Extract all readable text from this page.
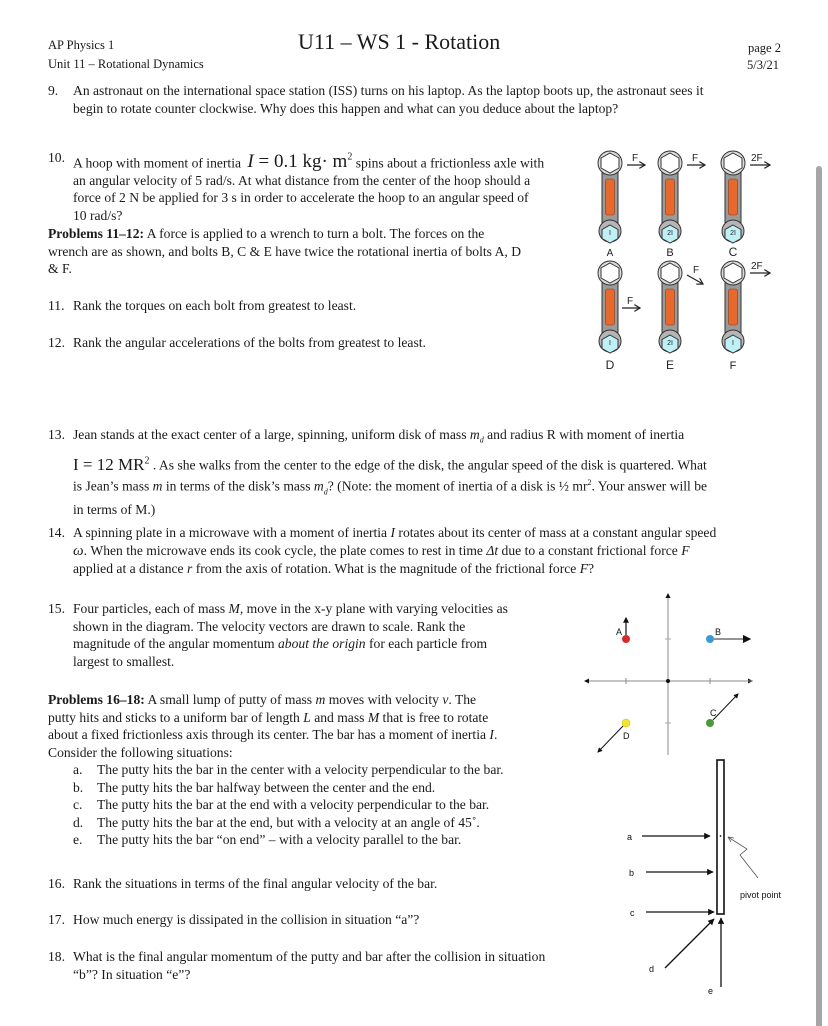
AP Physics 1
Unit 11 – Rotational Dynamics
U11 – WS 1 - Rotation	page 2
5/3/21
9. An astronaut on the international space station (ISS) turns on his laptop. As the laptop boots up, the astronaut sees it
begin to rotate counter clockwise. Why does this happen and what can you deduce about the laptop?
10. A hoop with moment of inertia I = 0.1 $kg\cdot m^2$ spins about a frictionless axle with
an angular velocity of 5 rad/s. At what distance from the center of the hoop should a
force of 2 N be applied for 3 s in order to accelerate the hoop to an angular speed of
10 rad/s?
Problems 11–12: A force is applied to a wrench to turn a bolt. The forces on the
wrench are as shown, and bolts B, C & E have twice the rotational inertia of bolts A, D
& F.
11. Rank the torques on each bolt from greatest to least.
12. Rank the angular accelerations of the bolts from greatest to least.
I
F
A
2I
F
B
2I
2F
C
I
F
D
2I
F
E
I
2F
F
13. Jean stands at the exact center of a large, spinning, uniform disk of mass $m_d$ and radius R with moment of inertia
I = 12 $MR^2$ . As she walks from the center to the edge of the disk, the angular speed of the disk is quartered. What
is Jean’s mass m in terms of the disk’s mass $m_d$? (Note: the moment of inertia of a disk is ½ $mr^2$. Your answer will be
in terms of M.)
14. A spinning plate in a microwave with a moment of inertia I rotates about its center of mass at a constant angular speed
ω. When the microwave ends its cook cycle, the plate comes to rest in time Δt due to a constant frictional force F
applied at a distance r from the axis of rotation. What is the magnitude of the frictional force F?
15. Four particles, each of mass M, move in the x-y plane with varying velocities as
shown in the diagram. The velocity vectors are drawn to scale. Rank the
magnitude of the angular momentum about the origin for each particle from
largest to smallest.
A	B
C
D
Problems 16–18: A small lump of putty of mass m moves with velocity v. The
putty hits and sticks to a uniform bar of length L and mass M that is free to rotate
about a fixed frictionless axis through its center. The bar has a moment of inertia I.
Consider the following situations:
a. The putty hits the bar in the center with a velocity perpendicular to the bar.
b. The putty hits the bar halfway between the center and the end.
c. The putty hits the bar at the end with a velocity perpendicular to the bar.
d. The putty hits the bar at the end, but with a velocity at an angle of 45˚.
e. The putty hits the bar “on end” – with a velocity parallel to the bar.
16. Rank the situations in terms of the final angular velocity of the bar.
17. How much energy is dissipated in the collision in situation “a”?
18. What is the final angular momentum of the putty and bar after the collision in situation
“b”? In situation “e”?
a
b
c
d
e
pivot point
